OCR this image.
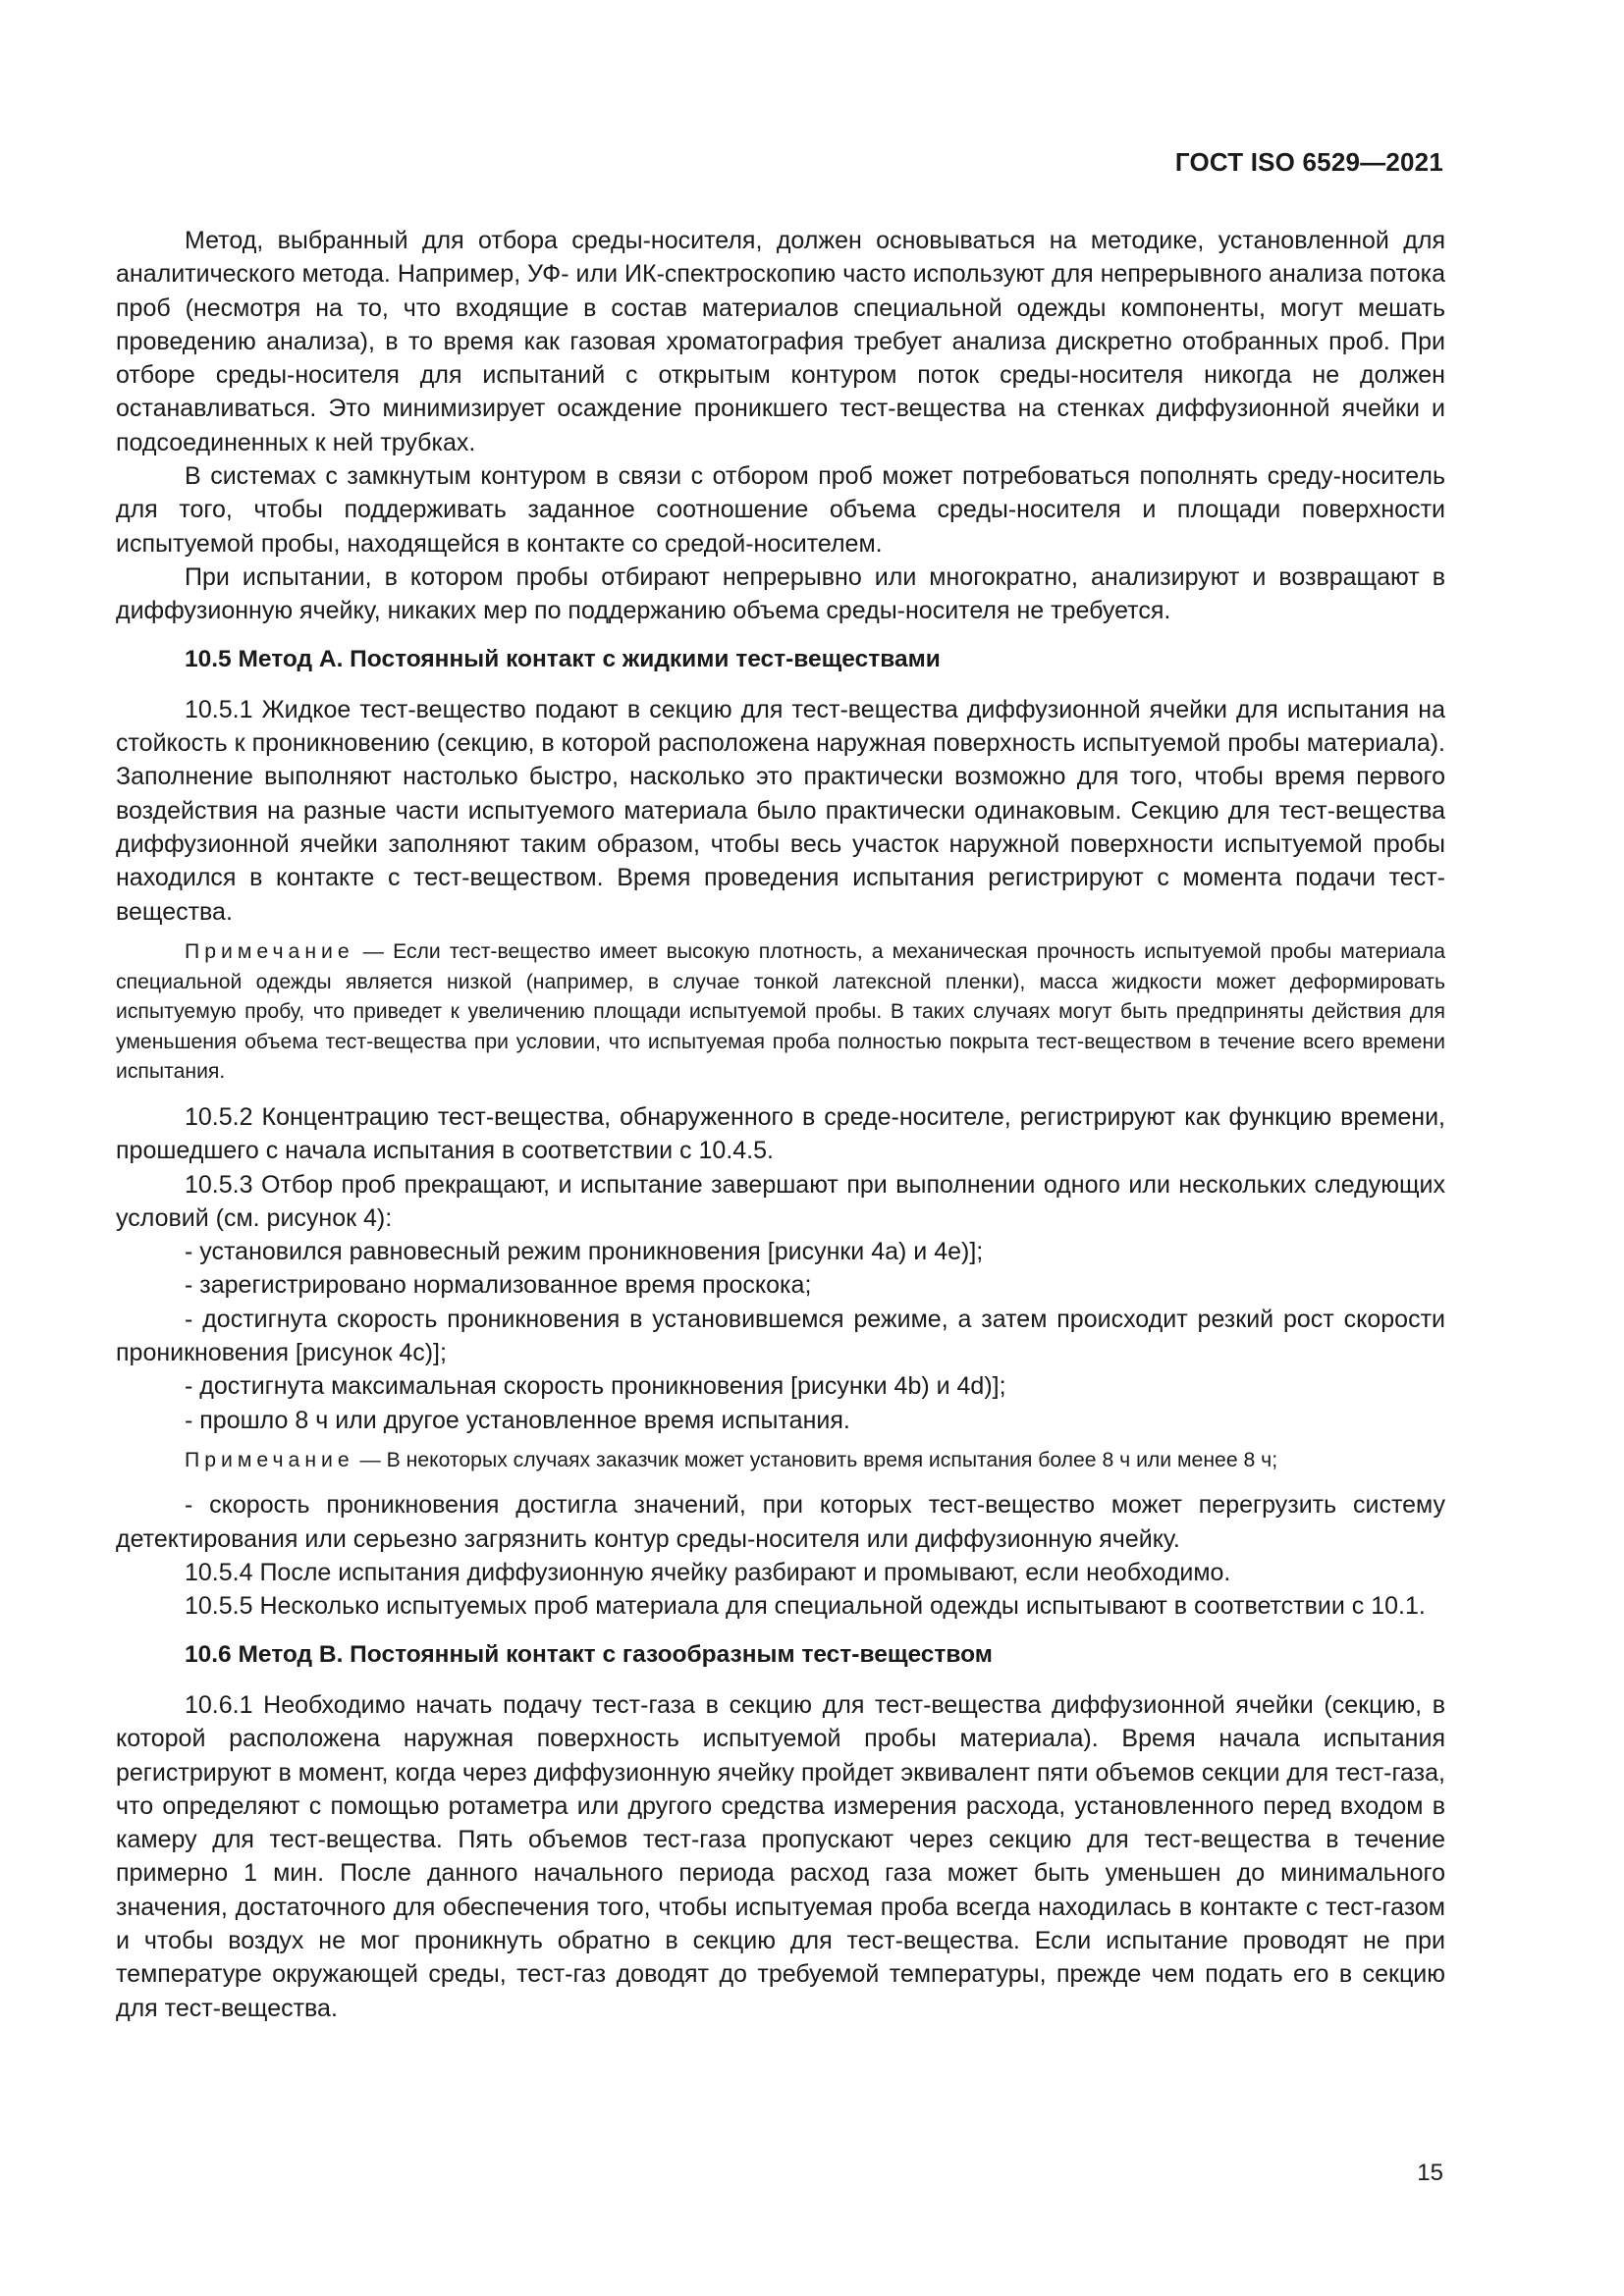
ГОСТ ISO 6529—2021

Метод, выбранный для отбора среды-носителя, должен основываться на методике, установленной для аналитического метода. Например, УФ- или ИК-спектроскопию часто используют для непрерывного анализа потока проб (несмотря на то, что входящие в состав материалов специальной одежды компоненты, могут мешать проведению анализа), в то время как газовая хроматография требует анализа дискретно отобранных проб. При отборе среды-носителя для испытаний с открытым контуром поток среды-носителя никогда не должен останавливаться. Это минимизирует осаждение проникшего тест-вещества на стенках диффузионной ячейки и подсоединенных к ней трубках.

В системах с замкнутым контуром в связи с отбором проб может потребоваться пополнять среду-носитель для того, чтобы поддерживать заданное соотношение объема среды-носителя и площади поверхности испытуемой пробы, находящейся в контакте со средой-носителем.

При испытании, в котором пробы отбирают непрерывно или многократно, анализируют и возвращают в диффузионную ячейку, никаких мер по поддержанию объема среды-носителя не требуется.

10.5 Метод А. Постоянный контакт с жидкими тест-веществами

10.5.1 Жидкое тест-вещество подают в секцию для тест-вещества диффузионной ячейки для испытания на стойкость к проникновению (секцию, в которой расположена наружная поверхность испытуемой пробы материала). Заполнение выполняют настолько быстро, насколько это практически возможно для того, чтобы время первого воздействия на разные части испытуемого материала было практически одинаковым. Секцию для тест-вещества диффузионной ячейки заполняют таким образом, чтобы весь участок наружной поверхности испытуемой пробы находился в контакте с тест-веществом. Время проведения испытания регистрируют с момента подачи тест-вещества.

Примечание — Если тест-вещество имеет высокую плотность, а механическая прочность испытуемой пробы материала специальной одежды является низкой (например, в случае тонкой латексной пленки), масса жидкости может деформировать испытуемую пробу, что приведет к увеличению площади испытуемой пробы. В таких случаях могут быть предприняты действия для уменьшения объема тест-вещества при условии, что испытуемая проба полностью покрыта тест-веществом в течение всего времени испытания.

10.5.2 Концентрацию тест-вещества, обнаруженного в среде-носителе, регистрируют как функцию времени, прошедшего с начала испытания в соответствии с 10.4.5.

10.5.3 Отбор проб прекращают, и испытание завершают при выполнении одного или нескольких следующих условий (см. рисунок 4):

- установился равновесный режим проникновения [рисунки 4a) и 4e)];

- зарегистрировано нормализованное время проскока;

- достигнута скорость проникновения в установившемся режиме, а затем происходит резкий рост скорости проникновения [рисунок 4c)];

- достигнута максимальная скорость проникновения [рисунки 4b) и 4d)];

- прошло 8 ч или другое установленное время испытания.

Примечание — В некоторых случаях заказчик может установить время испытания более 8 ч или менее 8 ч;

- скорость проникновения достигла значений, при которых тест-вещество может перегрузить систему детектирования или серьезно загрязнить контур среды-носителя или диффузионную ячейку.

10.5.4 После испытания диффузионную ячейку разбирают и промывают, если необходимо.

10.5.5 Несколько испытуемых проб материала для специальной одежды испытывают в соответствии с 10.1.

10.6 Метод В. Постоянный контакт с газообразным тест-веществом

10.6.1 Необходимо начать подачу тест-газа в секцию для тест-вещества диффузионной ячейки (секцию, в которой расположена наружная поверхность испытуемой пробы материала). Время начала испытания регистрируют в момент, когда через диффузионную ячейку пройдет эквивалент пяти объемов секции для тест-газа, что определяют с помощью ротаметра или другого средства измерения расхода, установленного перед входом в камеру для тест-вещества. Пять объемов тест-газа пропускают через секцию для тест-вещества в течение примерно 1 мин. После данного начального периода расход газа может быть уменьшен до минимального значения, достаточного для обеспечения того, чтобы испытуемая проба всегда находилась в контакте с тест-газом и чтобы воздух не мог проникнуть обратно в секцию для тест-вещества. Если испытание проводят не при температуре окружающей среды, тест-газ доводят до требуемой температуры, прежде чем подать его в секцию для тест-вещества.

15
